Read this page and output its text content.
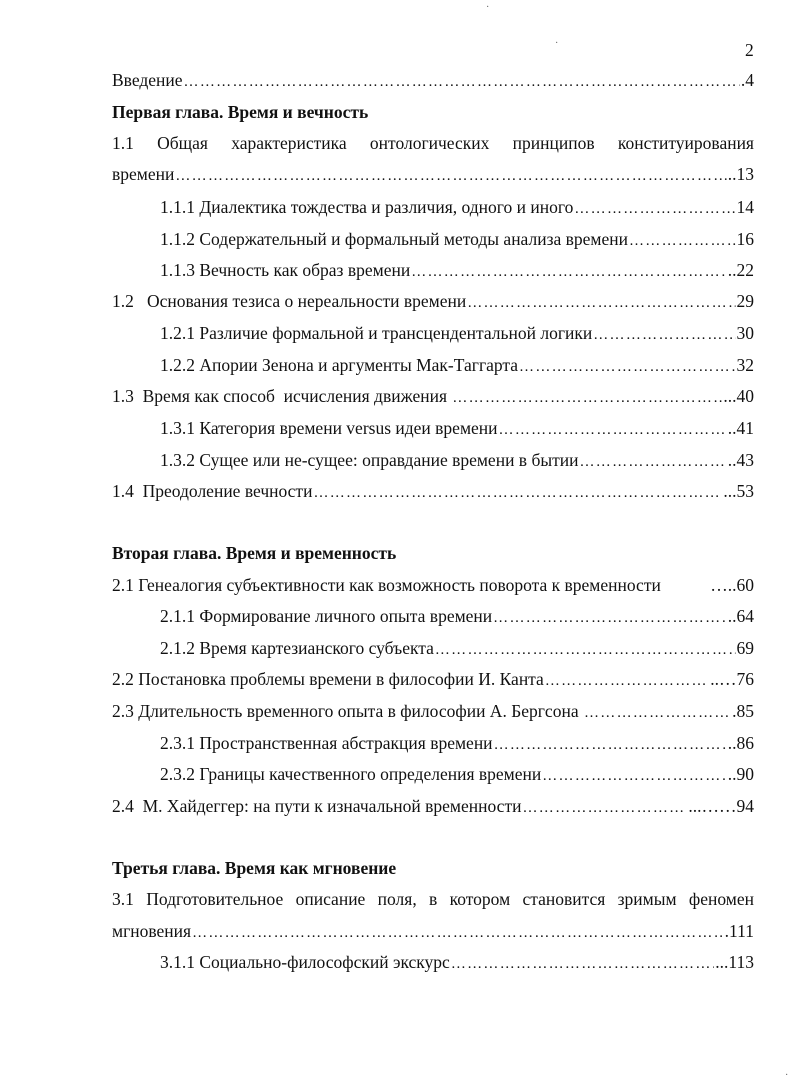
·
·	2
Введение …………………………………………………………………………………………………………………………………………………………………	.4
Первая глава. Время и вечность
1.1 Общая характеристика онтологических принципов конституирования
времени …………………………………………………………………………………………………………………………………………………………………	..13
1.1.1 Диалектика тождества и различия, одного и иного …………………………………………………………………………………………………………………………………………………………………	14
1.1.2 Содержательный и формальный методы анализа времени …………………………………………………………………………………………………………………………………………………………………	16
1.1.3 Вечность как образ времени …………………………………………………………………………………………………………………………………………………………………	..22
1.2   Основания тезиса о нереальности времени …………………………………………………………………………………………………………………………………………………………………	29
1.2.1 Различие формальной и трансцендентальной логики …………………………………………………………………………………………………………………………………………………………………	30
1.2.2 Апории Зенона и аргументы Мак-Таггарта …………………………………………………………………………………………………………………………………………………………………	32
1.3  Время как способ  исчисления движения …………………………………………………………………………………………………………………………………………………………………	...40
1.3.1 Категория времени versus идеи времени …………………………………………………………………………………………………………………………………………………………………	..41
1.3.2 Сущее или не-сущее: оправдание времени в бытии …………………………………………………………………………………………………………………………………………………………………	..43
1.4  Преодоление вечности …………………………………………………………………………………………………………………………………………………………………	...53
Вторая глава. Время и временность
2.1 Генеалогия субъективности как возможность поворота к временности	…..60
2.1.1 Формирование личного опыта времени …………………………………………………………………………………………………………………………………………………………………	..64
2.1.2 Время картезианского субъекта …………………………………………………………………………………………………………………………………………………………………	69
2.2 Постановка проблемы времени в философии И. Канта …………………………………………………………………………………………………………………………………………………………………	..…76
2.3 Длительность временного опыта в философии А. Бергсона …………………………………………………………………………………………………………………………………………………………………	.85
2.3.1 Пространственная абстракция времени …………………………………………………………………………………………………………………………………………………………………	..86
2.3.2 Границы качественного определения времени …………………………………………………………………………………………………………………………………………………………………	..90
2.4  М. Хайдеггер: на пути к изначальной временности …………………………………………………………………………………………………………………………………………………………………	...……94
Третья глава. Время как мгновение
3.1 Подготовительное описание поля, в котором становится зримым феномен
мгновения …………………………………………………………………………………………………………………………………………………………………	.111
3.1.1 Социально-философский экскурс …………………………………………………………………………………………………………………………………………………………………	...113
·
